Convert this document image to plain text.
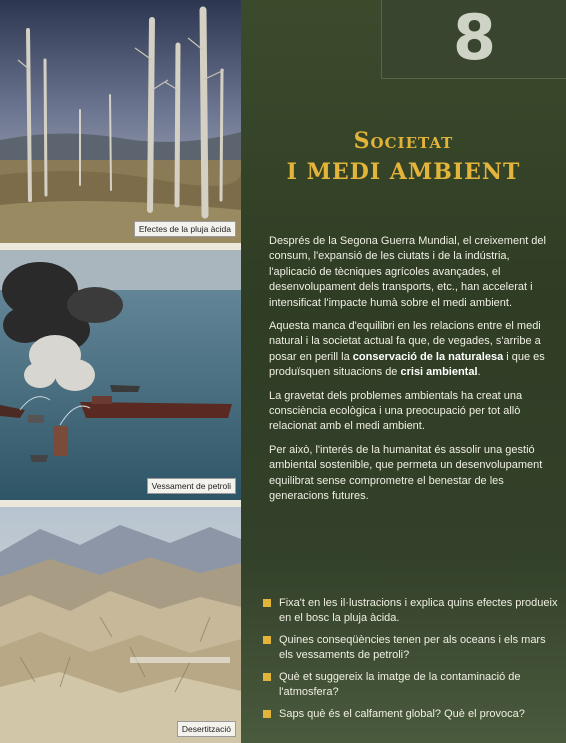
Efectes de la pluja àcida
Vessament de petroli
Desertització
8
Societat
I MEDI AMBIENT

Després de la Segona Guerra Mundial, el creixement del consum, l'expansió de les ciutats i de la indústria, l'aplicació de tècniques agrícoles avançades, el desenvolupament dels transports, etc., han accelerat i intensificat l'impacte humà sobre el medi ambient.

Aquesta manca d'equilibri en les relacions entre el medi natural i la societat actual fa que, de vegades, s'arribe a posar en perill la conservació de la naturalesa i que es produïsquen situacions de crisi ambiental.

La gravetat dels problemes ambientals ha creat una consciència ecològica i una preocupació per tot allò relacionat amb el medi ambient.

Per això, l'interés de la humanitat és assolir una gestió ambiental sostenible, que permeta un desenvolupament equilibrat sense comprometre el benestar de les generacions futures.

Fixa't en les il·lustracions i explica quins efectes produeix en el bosc la pluja àcida.
Quines conseqüències tenen per als oceans i els mars els vessaments de petroli?
Què et suggereix la imatge de la contaminació de l'atmosfera?
Saps què és el calfament global? Què el provoca?
